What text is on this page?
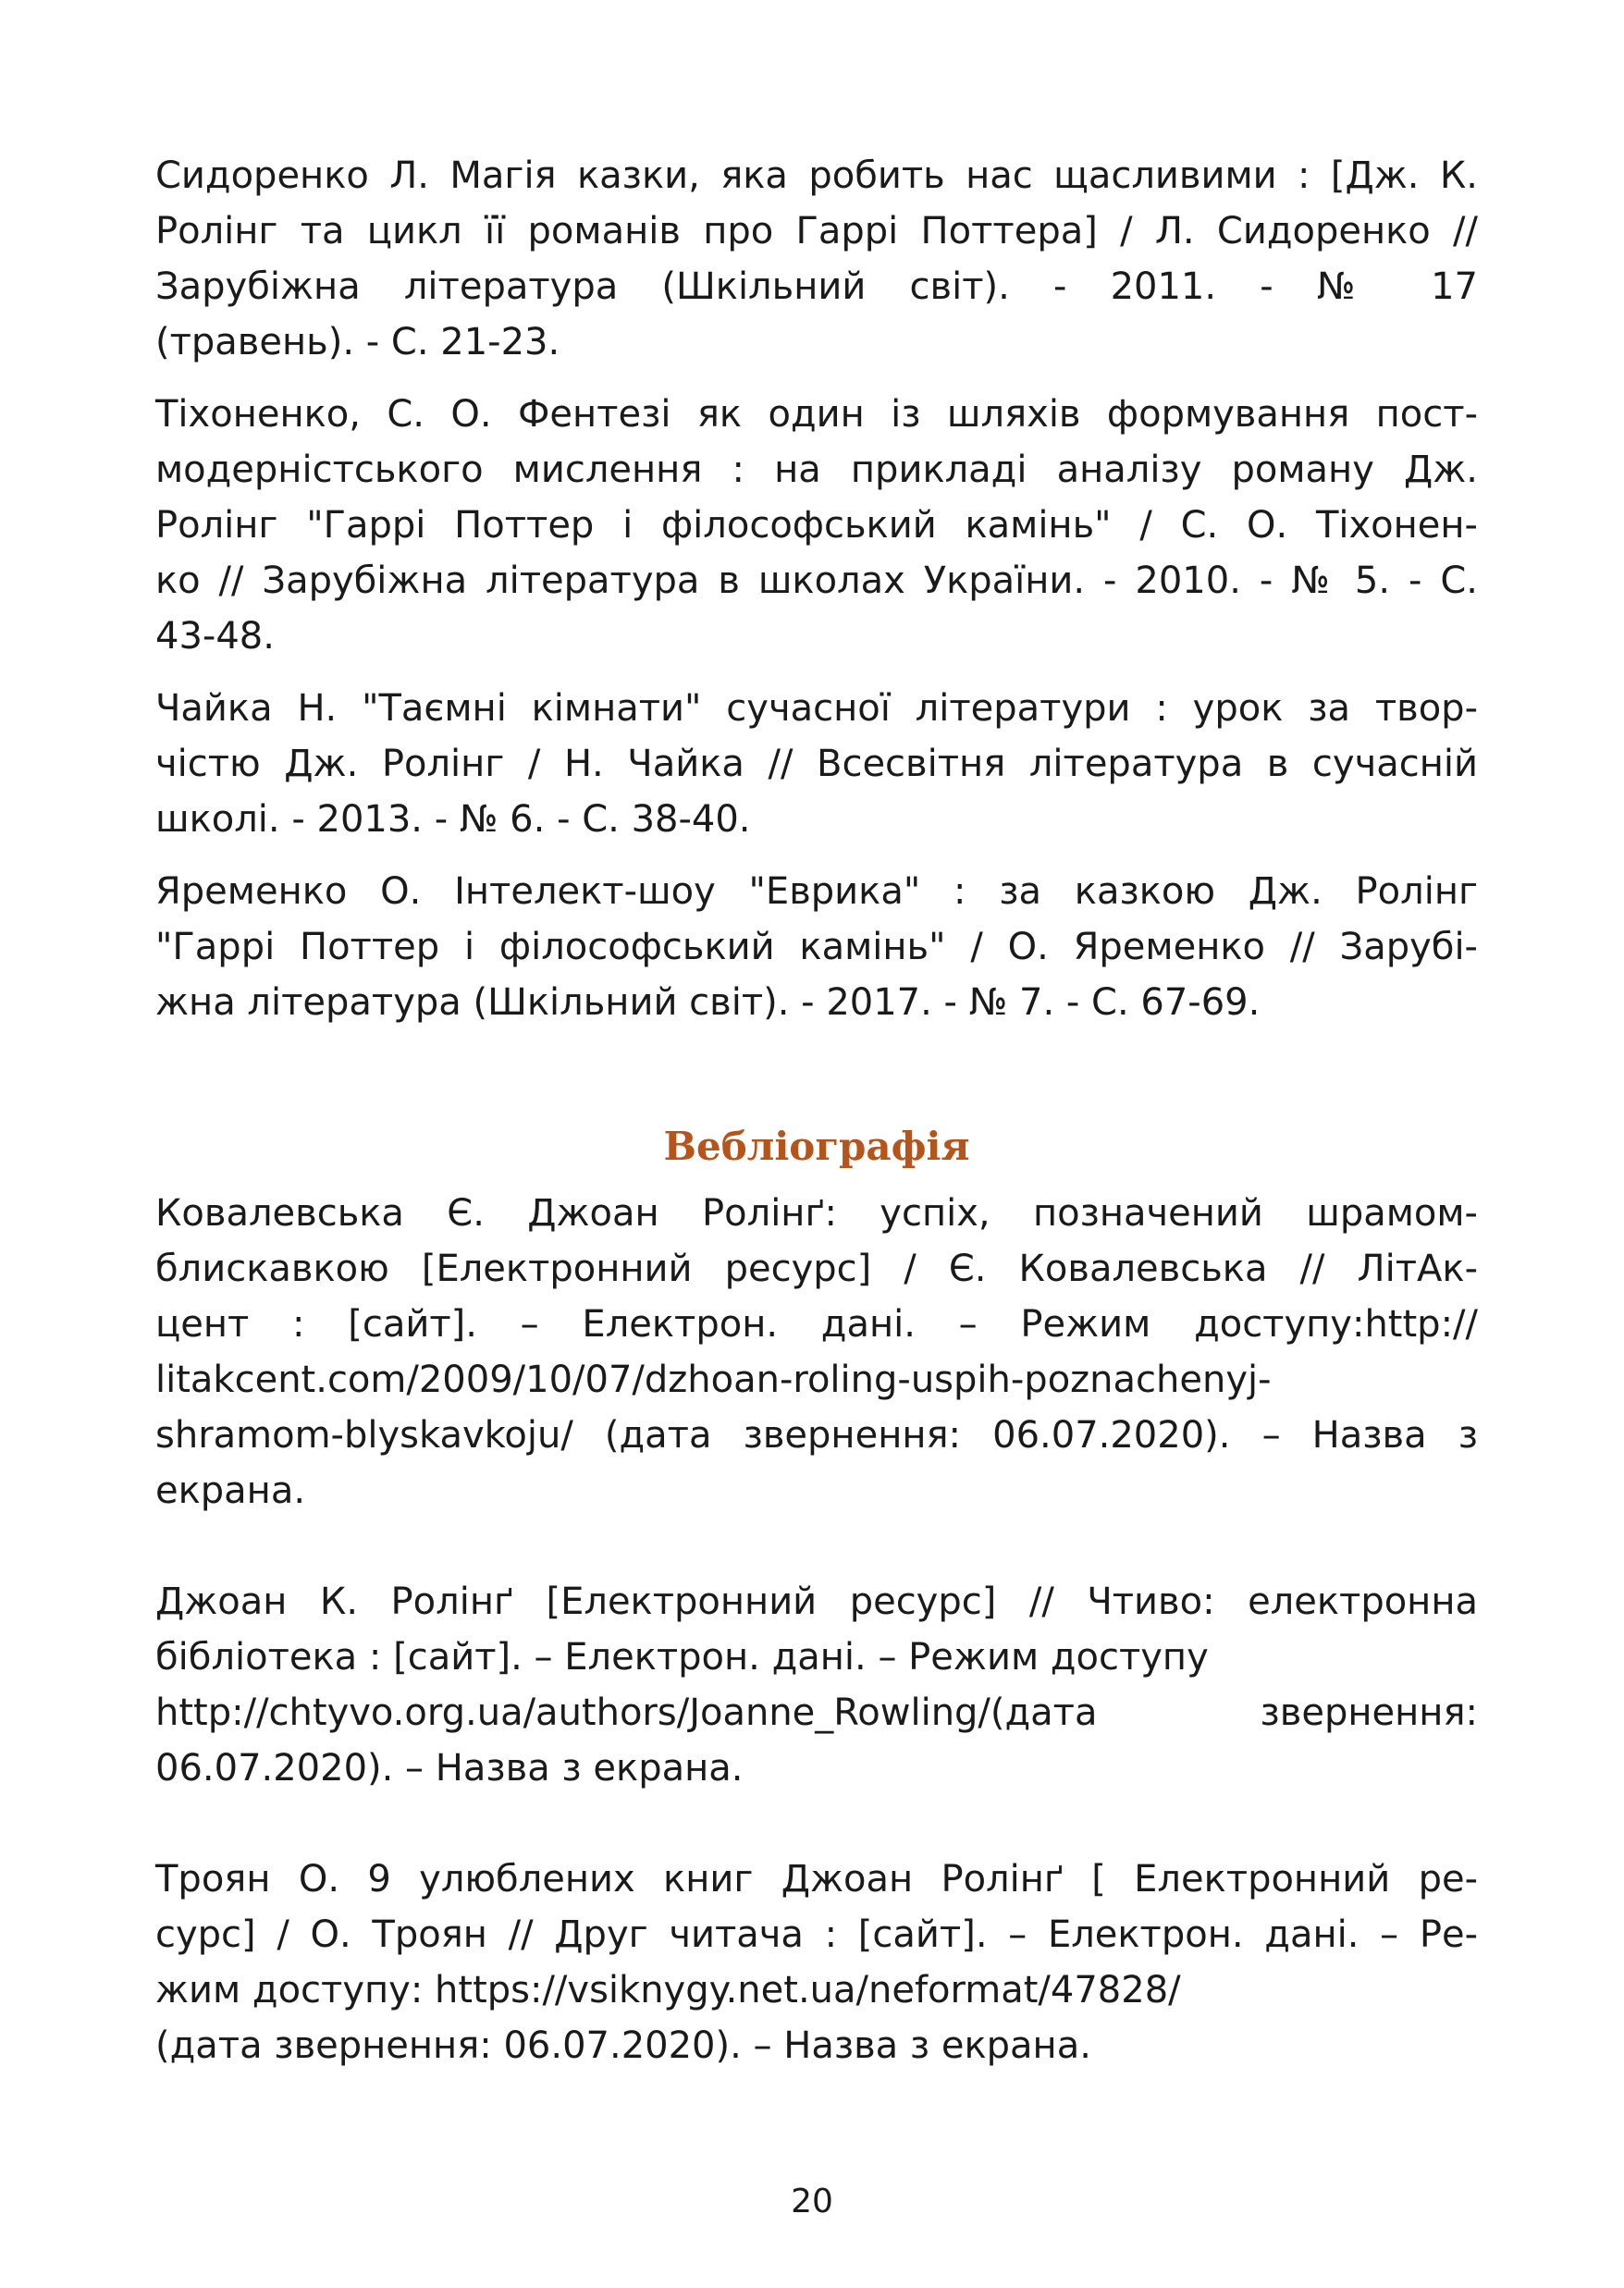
Сидоренко Л. Магія казки, яка робить нас щасливими : [Дж. К.
Ролінг та цикл її романів про Гаррі Поттера] / Л. Сидоренко //
Зарубіжна література (Шкільний світ). - 2011. - № 17
(травень). - С. 21-23.

Тіхоненко, С. О. Фентезі як один із шляхів формування пост-
модерністського мислення : на прикладі аналізу роману Дж.
Ролінг "Гаррі Поттер і філософський камінь" / С. О. Тіхонен-
ко // Зарубіжна література в школах України. - 2010. - № 5. - С.
43-48.

Чайка Н. "Таємні кімнати" сучасної літератури : урок за твор-
чістю Дж. Ролінг / Н. Чайка // Всесвітня література в сучасній
школі. - 2013. - № 6. - С. 38-40.

Яременко О. Інтелект-шоу "Еврика" : за казкою Дж. Ролінг
"Гаррі Поттер і філософський камінь" / О. Яременко // Зарубі-
жна література (Шкільний світ). - 2017. - № 7. - С. 67-69.

Вебліографія

Ковалевська Є. Джоан Ролінґ: успіх, позначений шрамом-
блискавкою [Електронний ресурс] / Є. Ковалевська // ЛітАк-
цент : [сайт]. – Електрон. дані. – Режим доступу:http://
litakcent.com/2009/10/07/dzhoan-roling-uspih-poznachenyj-
shramom-blyskavkoju/ (дата звернення: 06.07.2020). – Назва з
екрана.

Джоан К. Ролінґ [Електронний ресурс] // Чтиво: електронна
бібліотека : [сайт]. – Електрон. дані. – Режим доступу
http://chtyvo.org.ua/authors/Joanne_Rowling/(дата звернення:
06.07.2020). – Назва з екрана.

Троян О. 9 улюблених книг Джоан Ролінґ [ Електронний ре-
сурс] / О. Троян // Друг читача : [сайт]. – Електрон. дані. – Ре-
жим доступу: https://vsiknygy.net.ua/neformat/47828/
(дата звернення: 06.07.2020). – Назва з екрана.

20
